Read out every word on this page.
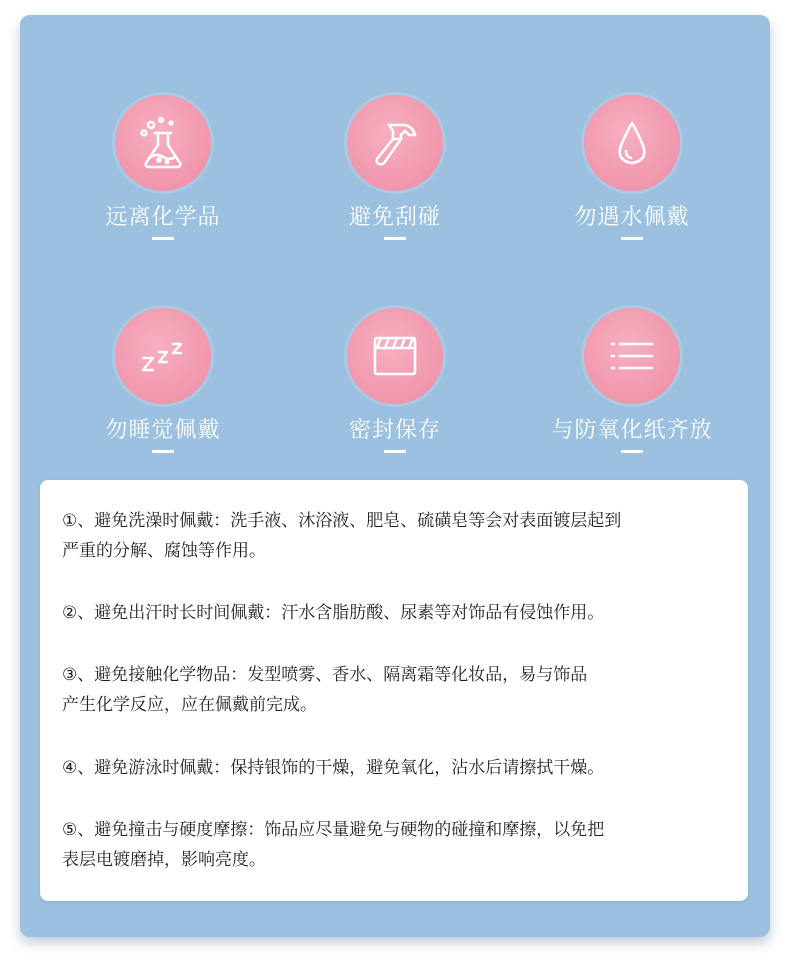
远离化学品	避免刮碰	勿遇水佩戴
勿睡觉佩戴	密封保存	与防氧化纸齐放
①、避免洗澡时佩戴：洗手液、沐浴液、肥皂、硫磺皂等会对表面镀层起到
严重的分解、腐蚀等作用。
②、避免出汗时长时间佩戴：汗水含脂肪酸、尿素等对饰品有侵蚀作用。
③、避免接触化学物品：发型喷雾、香水、隔离霜等化妆品，易与饰品
产生化学反应，应在佩戴前完成。
④、避免游泳时佩戴：保持银饰的干燥，避免氧化，沾水后请擦拭干燥。
⑤、避免撞击与硬度摩擦：饰品应尽量避免与硬物的碰撞和摩擦，以免把
表层电镀磨掉，影响亮度。
